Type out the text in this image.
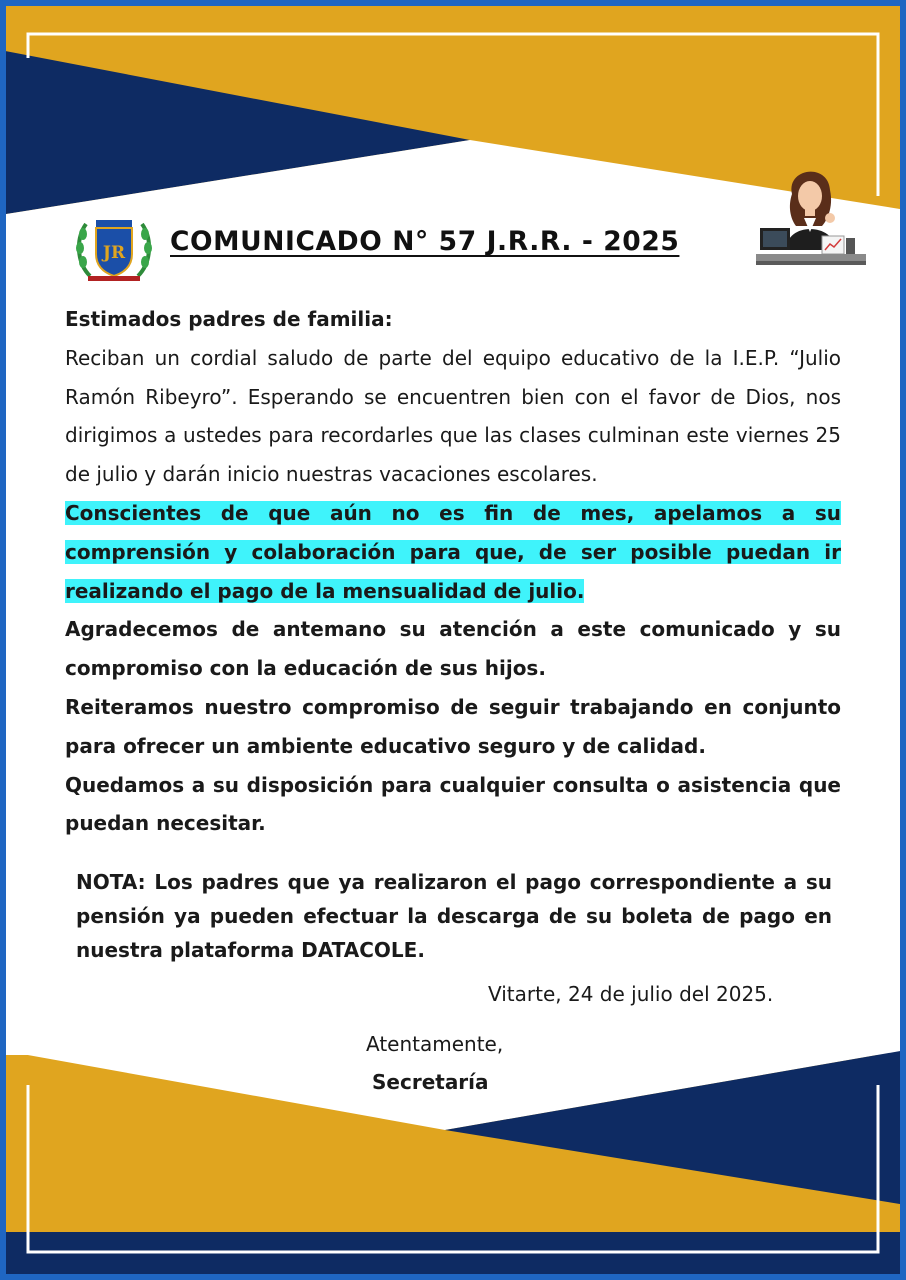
JR COMUNICADO N° 57 J.R.R. - 2025

Estimados padres de familia:

Reciban un cordial saludo de parte del equipo educativo de la I.E.P. “Julio Ramón Ribeyro”. Esperando se encuentren bien con el favor de Dios, nos dirigimos a ustedes para recordarles que las clases culminan este viernes 25 de julio y darán inicio nuestras vacaciones escolares.

Conscientes de que aún no es fin de mes, apelamos a su comprensión y colaboración para que, de ser posible puedan ir realizando el pago de la mensualidad de julio.

Agradecemos de antemano su atención a este comunicado y su compromiso con la educación de sus hijos.

Reiteramos nuestro compromiso de seguir trabajando en conjunto para ofrecer un ambiente educativo seguro y de calidad.

Quedamos a su disposición para cualquier consulta o asistencia que puedan necesitar.

NOTA: Los padres que ya realizaron el pago correspondiente a su pensión ya pueden efectuar la descarga de su boleta de pago en nuestra plataforma DATACOLE.

Vitarte, 24 de julio del 2025.
Atentamente,
Secretaría
